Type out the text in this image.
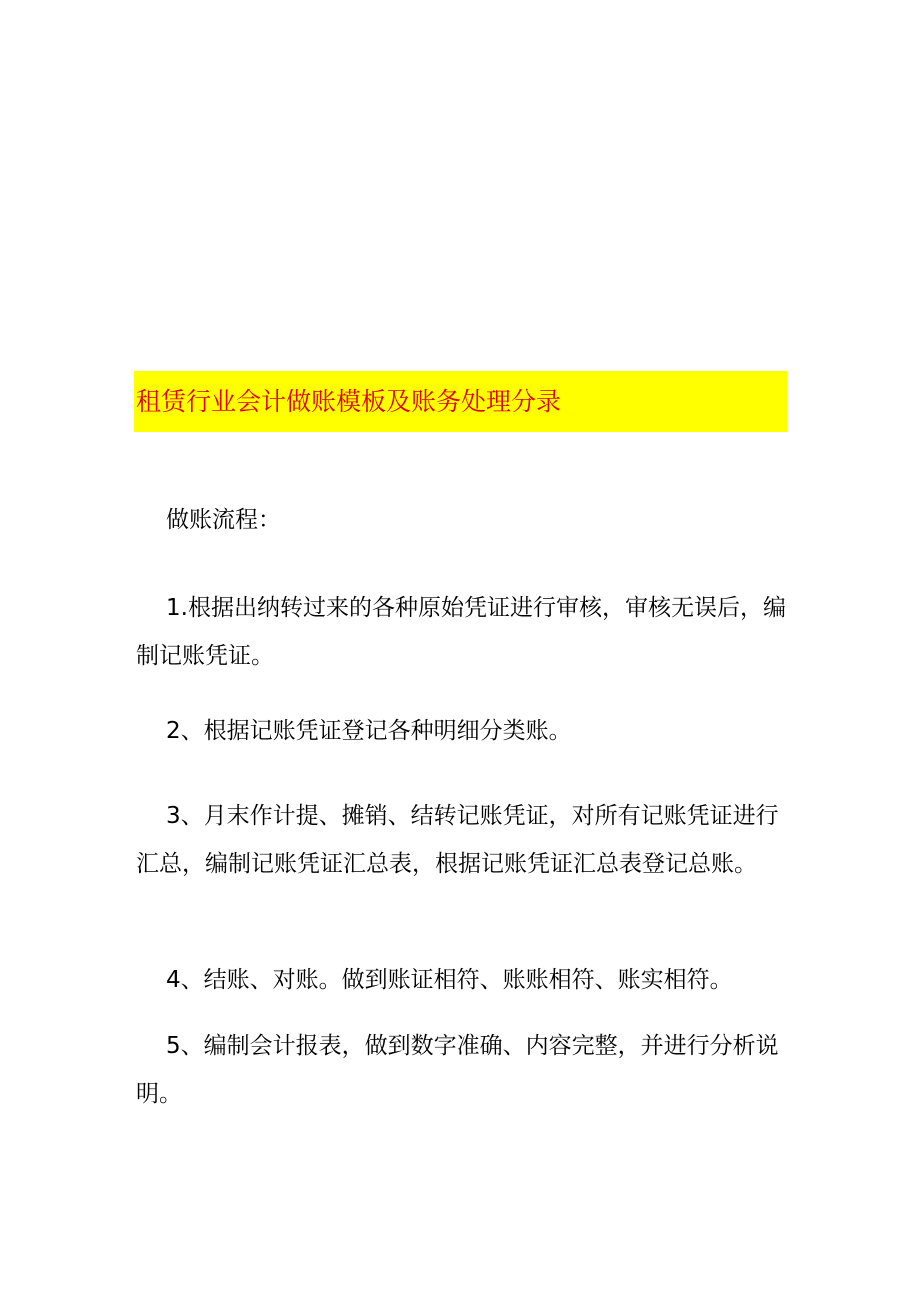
租赁行业会计做账模板及账务处理分录

做账流程：

1.根据出纳转过来的各种原始凭证进行审核，审核无误后，编制记账凭证。

2、根据记账凭证登记各种明细分类账。

3、月末作计提、摊销、结转记账凭证，对所有记账凭证进行汇总，编制记账凭证汇总表，根据记账凭证汇总表登记总账。

4、结账、对账。做到账证相符、账账相符、账实相符。

5、编制会计报表，做到数字准确、内容完整，并进行分析说明。
